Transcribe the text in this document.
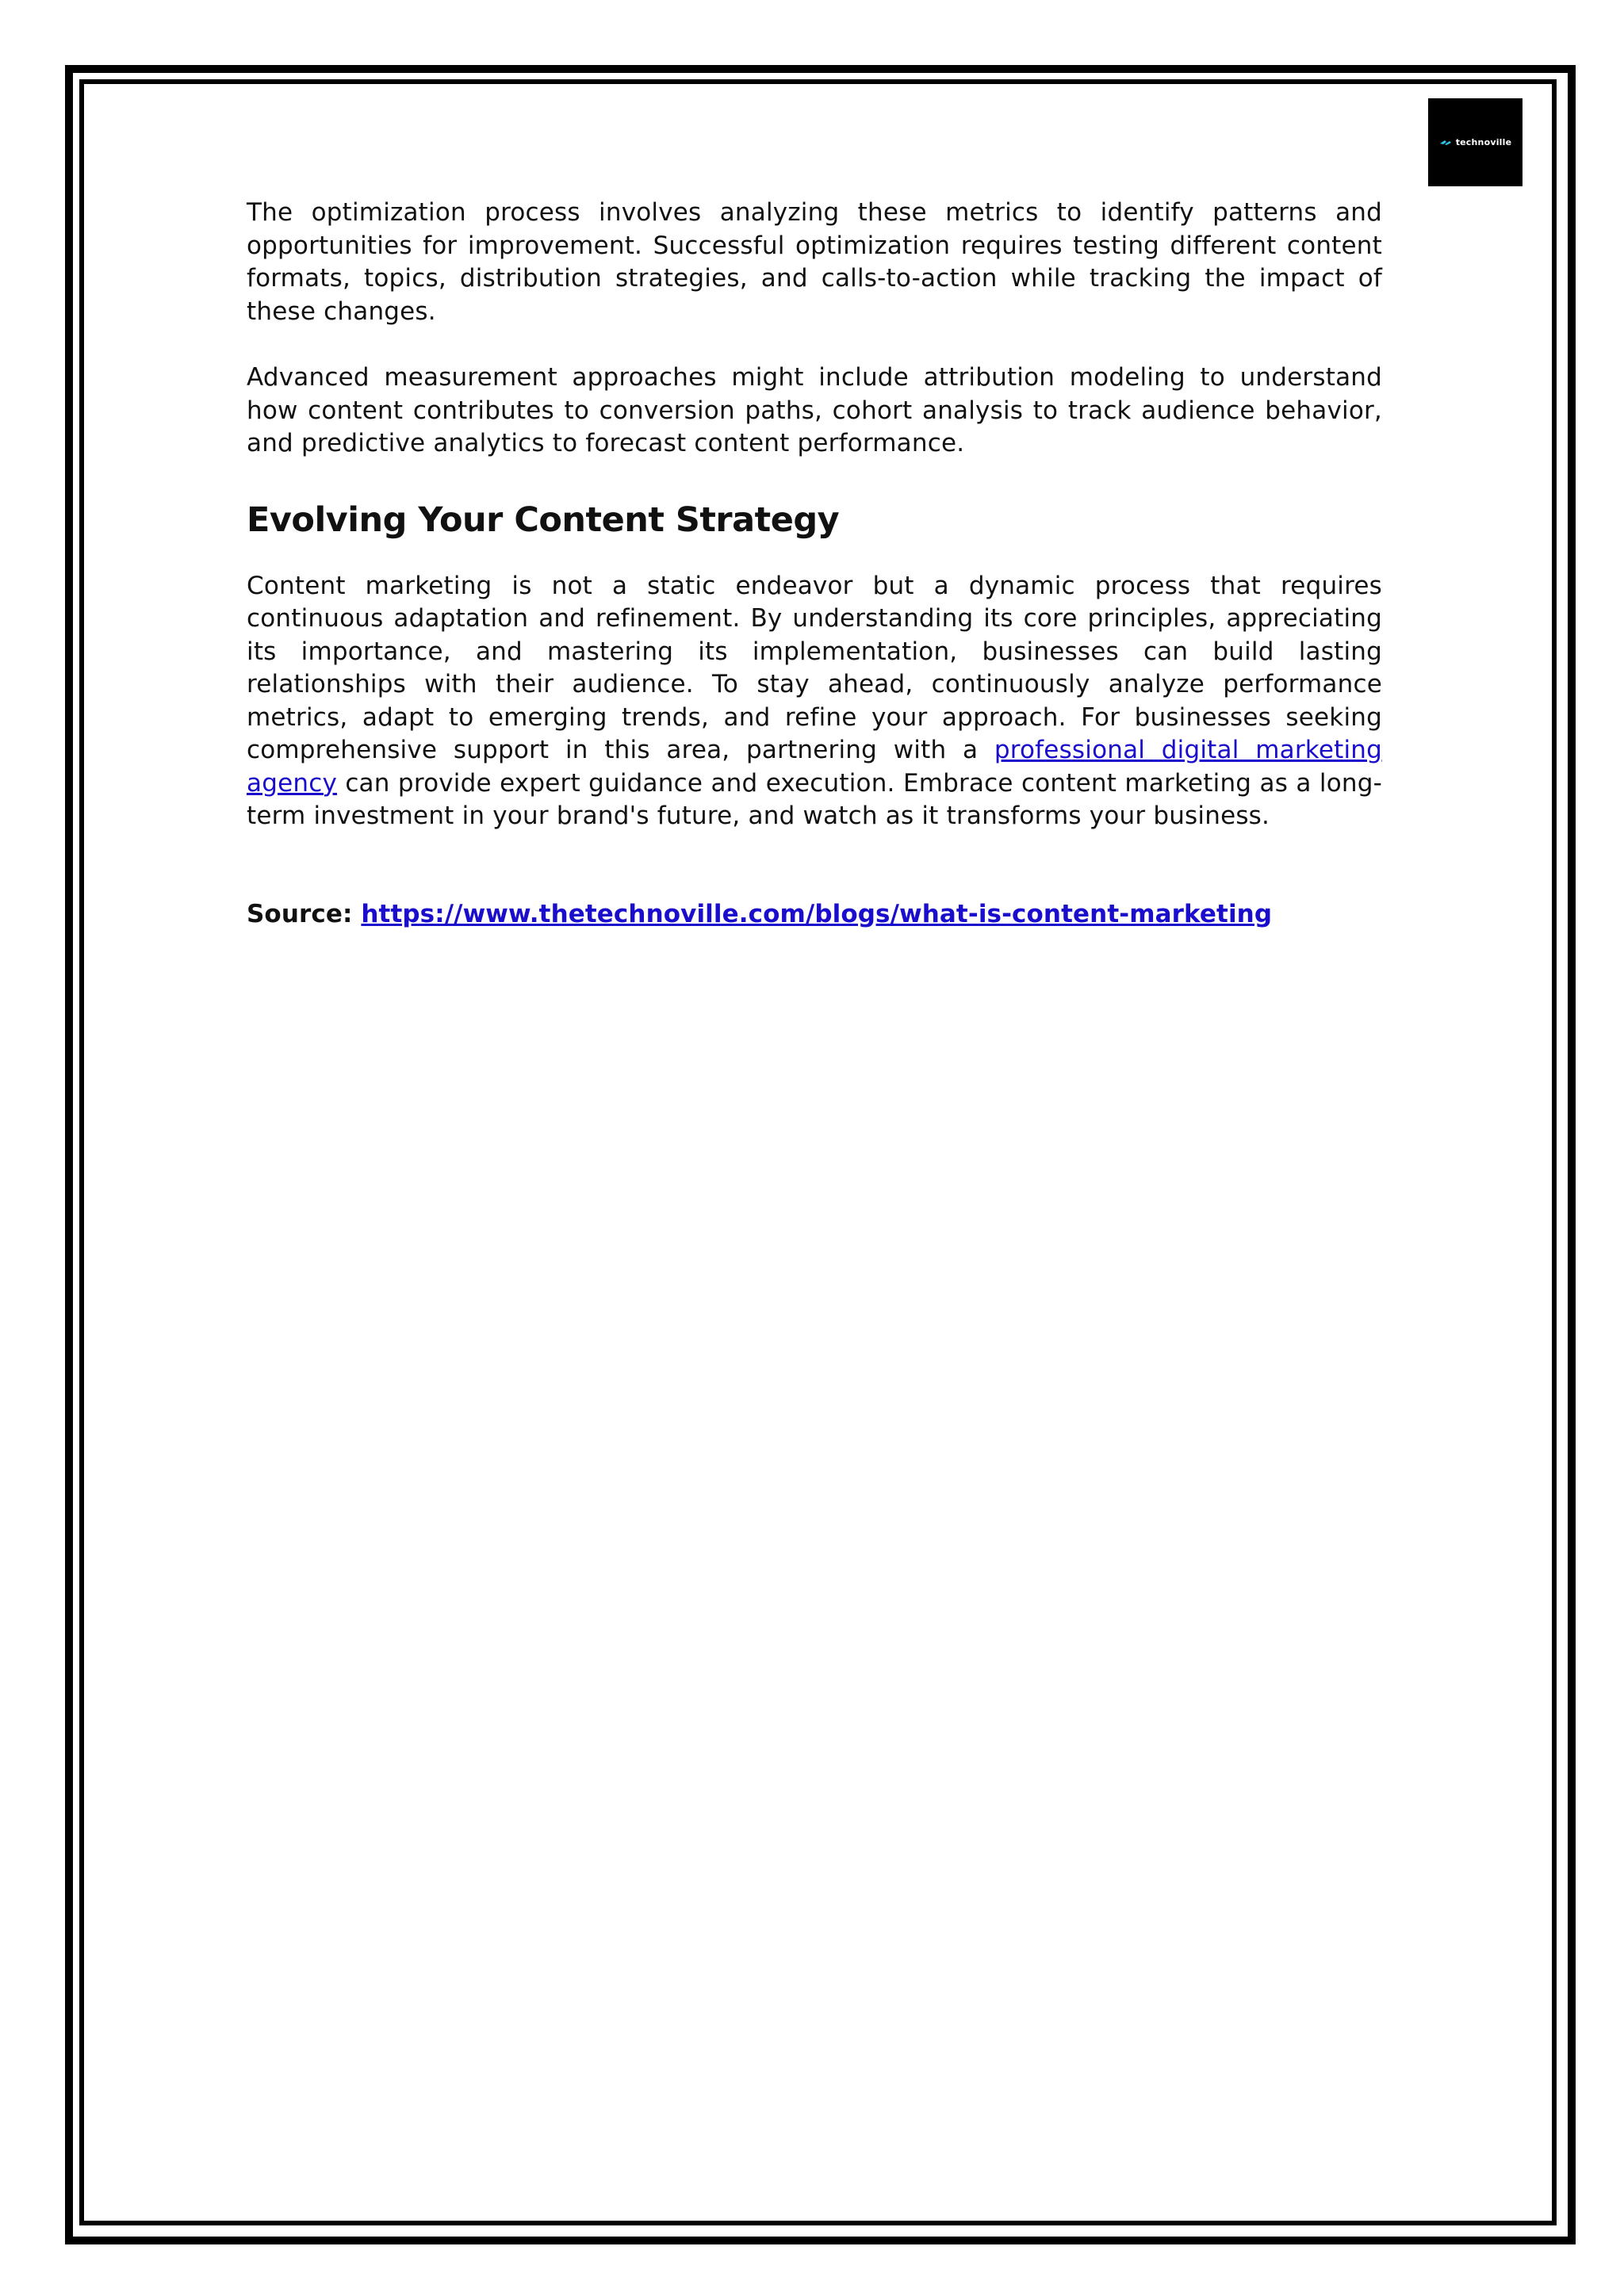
technoville

The optimization process involves analyzing these metrics to identify patterns and opportunities for improvement. Successful optimization requires testing different content formats, topics, distribution strategies, and calls-to-action while tracking the impact of these changes.

Advanced measurement approaches might include attribution modeling to understand how content contributes to conversion paths, cohort analysis to track audience behavior, and predictive analytics to forecast content performance.

Evolving Your Content Strategy

Content marketing is not a static endeavor but a dynamic process that requires continuous adaptation and refinement. By understanding its core principles, appreciating its importance, and mastering its implementation, businesses can build lasting relationships with their audience. To stay ahead, continuously analyze performance metrics, adapt to emerging trends, and refine your approach. For businesses seeking comprehensive support in this area, partnering with a professional digital marketing agency can provide expert guidance and execution. Embrace content marketing as a long-term investment in your brand's future, and watch as it transforms your business.

Source: https://www.thetechnoville.com/blogs/what-is-content-marketing
